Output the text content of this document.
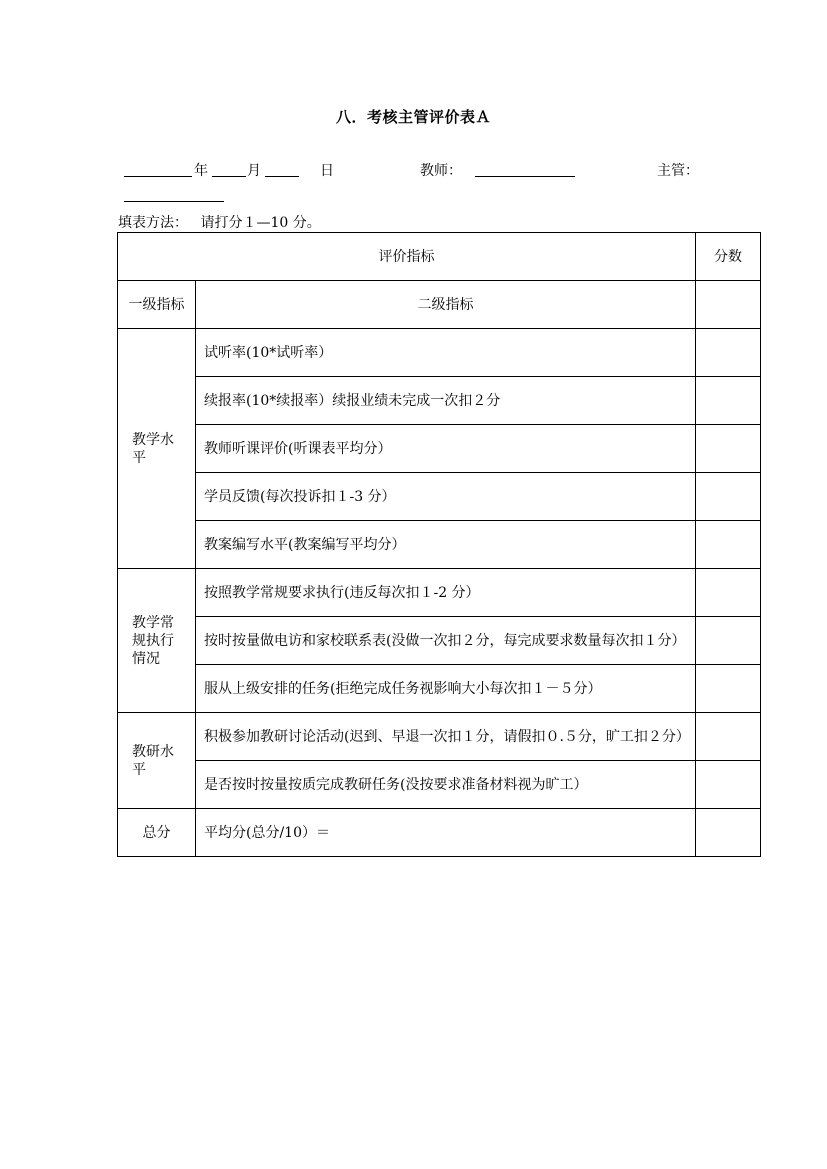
八．考核主管评价表Ａ
年	月	日	教师：	主管：
填表方法： 请打分１—10 分。
评价指标		分数
一级指标	二级指标	
教学水平	试听率(10*试听率）	
	续报率(10*续报率）续报业绩未完成一次扣２分	
	教师听课评价(听课表平均分）	
	学员反馈(每次投诉扣１-3 分）	
	教案编写水平(教案编写平均分）	
教学常规执行情况	按照教学常规要求执行(违反每次扣１-2 分）	
	按时按量做电访和家校联系表(没做一次扣２分，每完成要求数量每次扣１分）	
	服从上级安排的任务(拒绝完成任务视影响大小每次扣１－５分）	
教研水平	积极参加教研讨论活动(迟到、早退一次扣１分，请假扣０.５分，旷工扣２分）	
	是否按时按量按质完成教研任务(没按要求准备材料视为旷工）	
总分	平均分(总分/10）＝	
